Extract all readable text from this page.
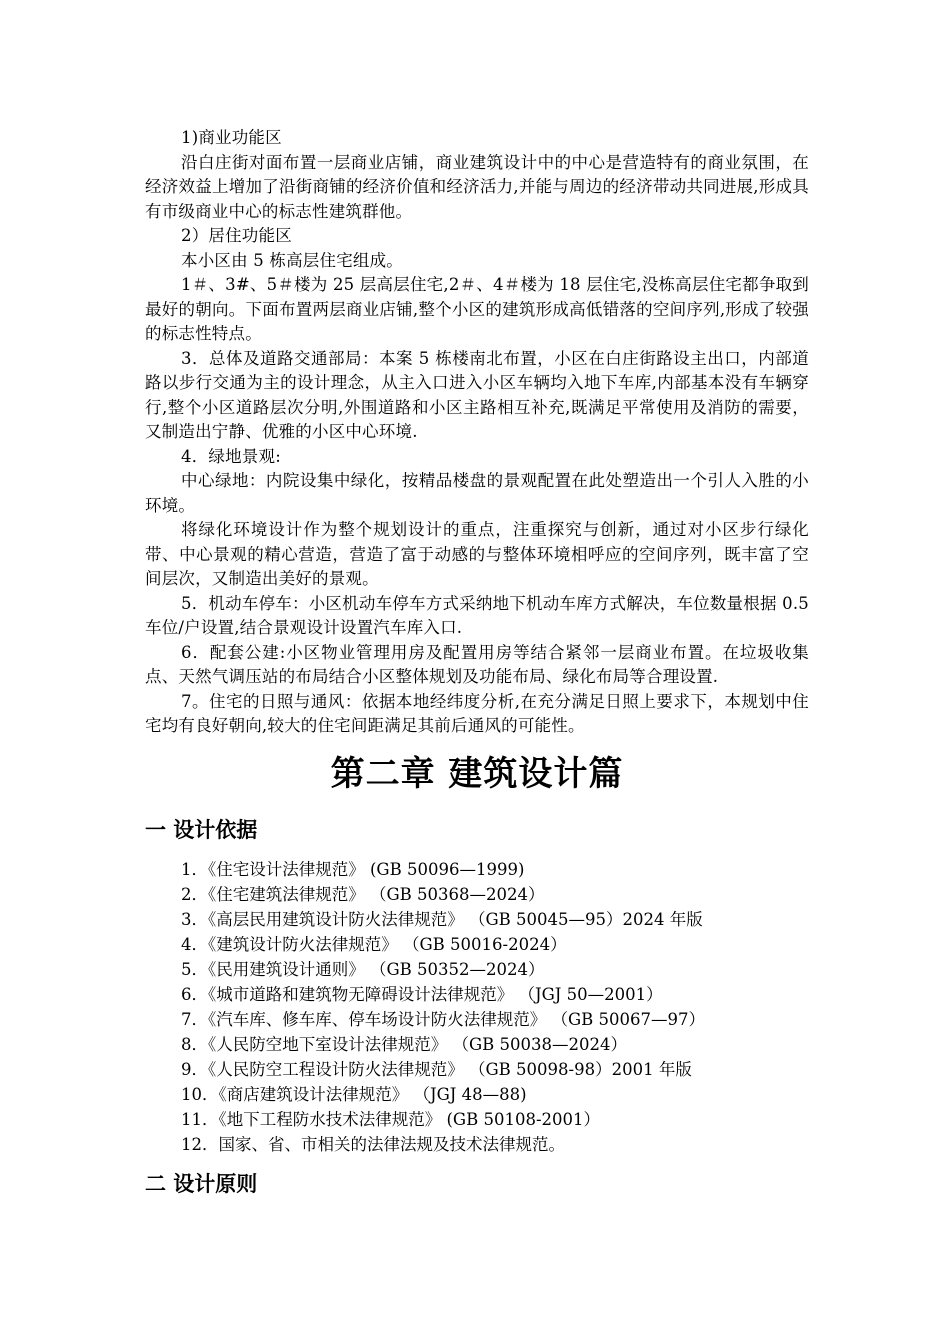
1)商业功能区

沿白庄街对面布置一层商业店铺，商业建筑设计中的中心是营造特有的商业氛围，在经济效益上增加了沿街商铺的经济价值和经济活力,并能与周边的经济带动共同进展,形成具有市级商业中心的标志性建筑群他。

2）居住功能区

本小区由 5 栋高层住宅组成。

1＃、3#、5＃楼为 25 层高层住宅,2＃、4＃楼为 18 层住宅,没栋高层住宅都争取到最好的朝向。下面布置两层商业店铺,整个小区的建筑形成高低错落的空间序列,形成了较强的标志性特点。

3．总体及道路交通部局：本案 5 栋楼南北布置，小区在白庄街路设主出口，内部道路以步行交通为主的设计理念，从主入口进入小区车辆均入地下车库,内部基本没有车辆穿行,整个小区道路层次分明,外围道路和小区主路相互补充,既满足平常使用及消防的需要，又制造出宁静、优雅的小区中心环境.

4．绿地景观:

中心绿地：内院设集中绿化，按精品楼盘的景观配置在此处塑造出一个引人入胜的小环境。

将绿化环境设计作为整个规划设计的重点，注重探究与创新，通过对小区步行绿化带、中心景观的精心营造，营造了富于动感的与整体环境相呼应的空间序列，既丰富了空间层次，又制造出美好的景观。

5．机动车停车：小区机动车停车方式采纳地下机动车库方式解决，车位数量根据 0.5 车位/户设置,结合景观设计设置汽车库入口.

6．配套公建:小区物业管理用房及配置用房等结合紧邻一层商业布置。在垃圾收集点、天然气调压站的布局结合小区整体规划及功能布局、绿化布局等合理设置.

7。住宅的日照与通风：依据本地经纬度分析,在充分满足日照上要求下，本规划中住宅均有良好朝向,较大的住宅间距满足其前后通风的可能性。

第二章 建筑设计篇
一 设计依据
1．《住宅设计法律规范》 (GB 50096—1999)
2．《住宅建筑法律规范》 （GB 50368—2024）
3．《高层民用建筑设计防火法律规范》 （GB 50045—95）2024 年版
4．《建筑设计防火法律规范》 （GB 50016-2024）
5．《民用建筑设计通则》 （GB 50352—2024）
6．《城市道路和建筑物无障碍设计法律规范》 （JGJ 50—2001）
7．《汽车库、修车库、停车场设计防火法律规范》 （GB 50067—97）
8．《人民防空地下室设计法律规范》 （GB 50038—2024）
9．《人民防空工程设计防火法律规范》 （GB 50098-98）2001 年版
10．《商店建筑设计法律规范》 （JGJ 48—88)
11．《地下工程防水技术法律规范》 (GB 50108-2001）
12．国家、省、市相关的法律法规及技术法律规范。
二 设计原则
